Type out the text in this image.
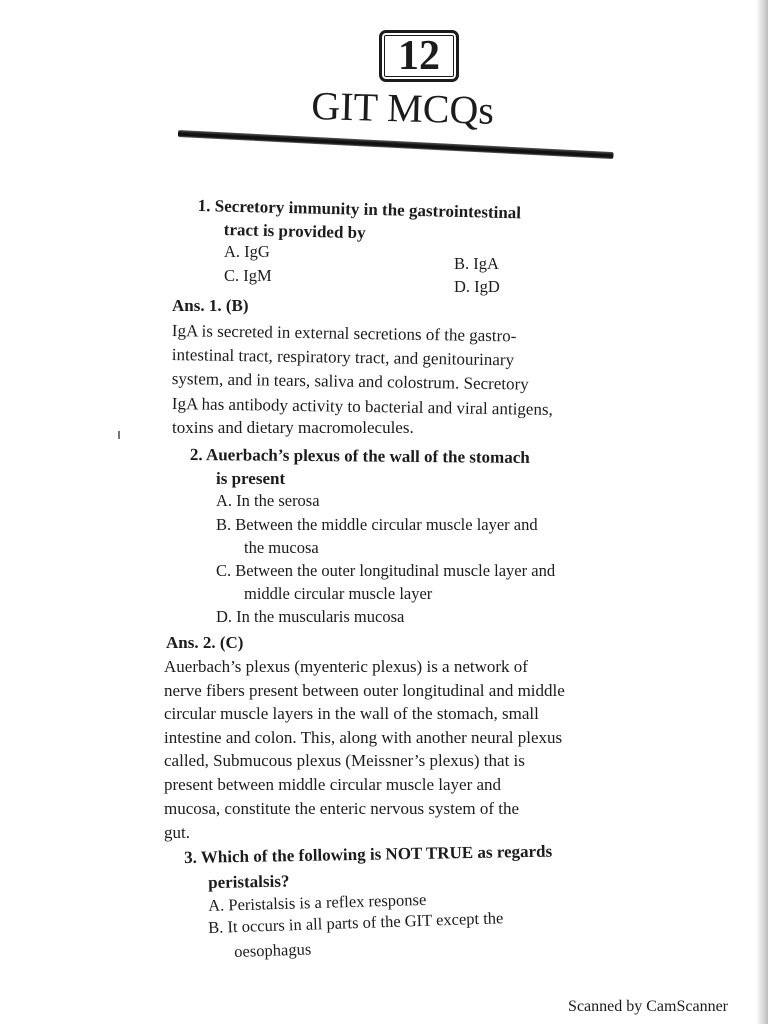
12
GIT MCQs
1. Secretory immunity in the gastrointestinal
tract is provided by
A. IgG
B. IgA
C. IgM
D. IgD
Ans. 1. (B)
IgA is secreted in external secretions of the gastro-
intestinal tract, respiratory tract, and genitourinary
system, and in tears, saliva and colostrum. Secretory
IgA has antibody activity to bacterial and viral antigens,
toxins and dietary macromolecules.
2. Auerbach’s plexus of the wall of the stomach
is present
A. In the serosa
B. Between the middle circular muscle layer and
the mucosa
C. Between the outer longitudinal muscle layer and
middle circular muscle layer
D. In the muscularis mucosa
Ans. 2. (C)
Auerbach’s plexus (myenteric plexus) is a network of
nerve fibers present between outer longitudinal and middle
circular muscle layers in the wall of the stomach, small
intestine and colon. This, along with another neural plexus
called, Submucous plexus (Meissner’s plexus) that is
present between middle circular muscle layer and
mucosa, constitute the enteric nervous system of the
gut.
3. Which of the following is NOT TRUE as regards
peristalsis?
A. Peristalsis is a reflex response
B. It occurs in all parts of the GIT except the
oesophagus
Scanned by CamScanner
